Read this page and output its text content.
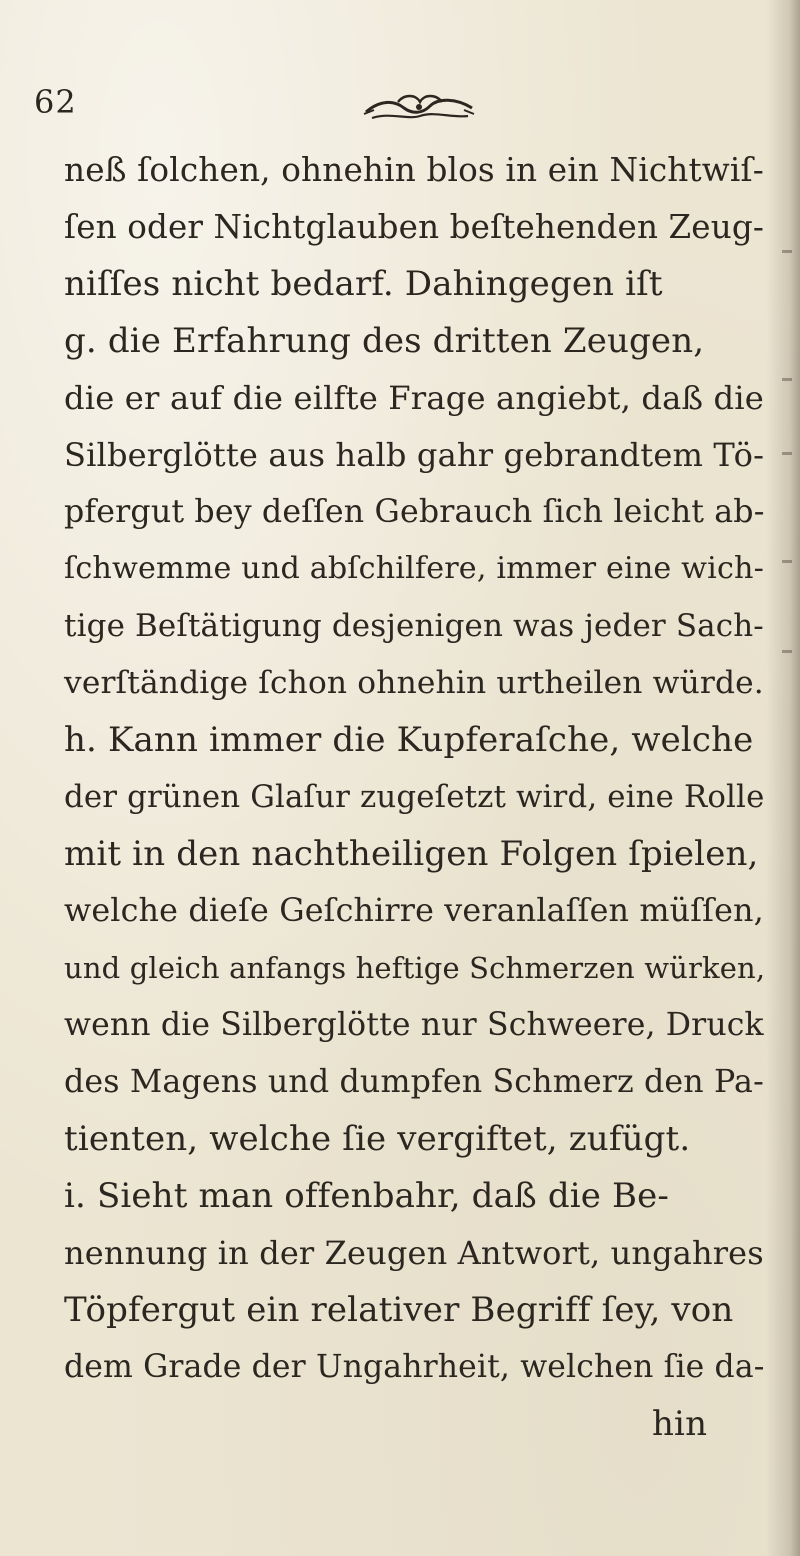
62
neß ſolchen, ohnehin blos in ein Nichtwiſ-
ſen oder Nichtglauben beſtehenden Zeug-
niſſes nicht bedarf. Dahingegen iſt
g. die Erfahrung des dritten Zeugen,
die er auf die eilfte Frage angiebt, daß die
Silberglötte aus halb gahr gebrandtem Tö-
pfergut bey deſſen Gebrauch ſich leicht ab-
ſchwemme und abſchilfere, immer eine wich-
tige Beſtätigung desjenigen was jeder Sach-
verſtändige ſchon ohnehin urtheilen würde.
h. Kann immer die Kupferaſche, welche
der grünen Glaſur zugeſetzt wird, eine Rolle
mit in den nachtheiligen Folgen ſpielen,
welche dieſe Geſchirre veranlaſſen müſſen,
und gleich anfangs heftige Schmerzen würken,
wenn die Silberglötte nur Schweere, Druck
des Magens und dumpfen Schmerz den Pa-
tienten, welche ſie vergiftet, zufügt.
i. Sieht man offenbahr, daß die Be-
nennung in der Zeugen Antwort, ungahres
Töpfergut ein relativer Begriff ſey, von
dem Grade der Ungahrheit, welchen ſie da-
hin
